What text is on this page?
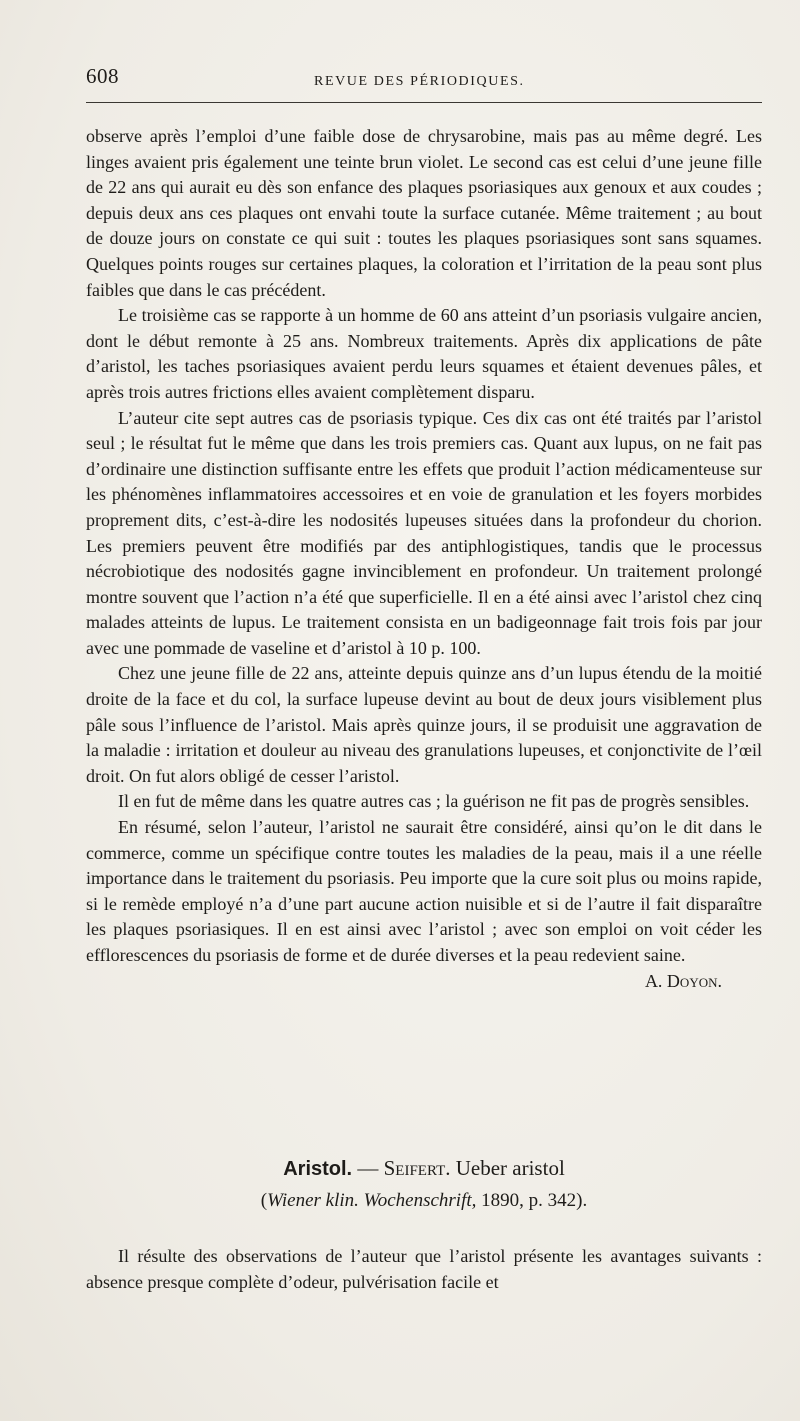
608	REVUE DES PÉRIODIQUES.

observe après l’emploi d’une faible dose de chrysarobine, mais pas au même degré. Les linges avaient pris également une teinte brun violet. Le second cas est celui d’une jeune fille de 22 ans qui aurait eu dès son enfance des plaques psoriasiques aux genoux et aux coudes ; depuis deux ans ces plaques ont envahi toute la surface cutanée. Même traitement ; au bout de douze jours on constate ce qui suit : toutes les plaques psoriasiques sont sans squames. Quelques points rouges sur certaines plaques, la coloration et l’irritation de la peau sont plus faibles que dans le cas précédent.

Le troisième cas se rapporte à un homme de 60 ans atteint d’un psoriasis vulgaire ancien, dont le début remonte à 25 ans. Nombreux traitements. Après dix applications de pâte d’aristol, les taches psoriasiques avaient perdu leurs squames et étaient devenues pâles, et après trois autres frictions elles avaient complètement disparu.

L’auteur cite sept autres cas de psoriasis typique. Ces dix cas ont été traités par l’aristol seul ; le résultat fut le même que dans les trois premiers cas. Quant aux lupus, on ne fait pas d’ordinaire une distinction suffisante entre les effets que produit l’action médicamenteuse sur les phénomènes inflammatoires accessoires et en voie de granulation et les foyers morbides proprement dits, c’est-à-dire les nodosités lupeuses situées dans la profondeur du chorion. Les premiers peuvent être modifiés par des antiphlogistiques, tandis que le processus nécrobiotique des nodosités gagne invinciblement en profondeur. Un traitement prolongé montre souvent que l’action n’a été que superficielle. Il en a été ainsi avec l’aristol chez cinq malades atteints de lupus. Le traitement consista en un badigeonnage fait trois fois par jour avec une pommade de vaseline et d’aristol à 10 p. 100.

Chez une jeune fille de 22 ans, atteinte depuis quinze ans d’un lupus étendu de la moitié droite de la face et du col, la surface lupeuse devint au bout de deux jours visiblement plus pâle sous l’influence de l’aristol. Mais après quinze jours, il se produisit une aggravation de la maladie : irritation et douleur au niveau des granulations lupeuses, et conjonctivite de l’œil droit. On fut alors obligé de cesser l’aristol.

Il en fut de même dans les quatre autres cas ; la guérison ne fit pas de progrès sensibles.

En résumé, selon l’auteur, l’aristol ne saurait être considéré, ainsi qu’on le dit dans le commerce, comme un spécifique contre toutes les maladies de la peau, mais il a une réelle importance dans le traitement du psoriasis. Peu importe que la cure soit plus ou moins rapide, si le remède employé n’a d’une part aucune action nuisible et si de l’autre il fait disparaître les plaques psoriasiques. Il en est ainsi avec l’aristol ; avec son emploi on voit céder les efflorescences du psoriasis de forme et de durée diverses et la peau redevient saine.
A. Doyon.

Aristol. — Seifert. Ueber aristol
(Wiener klin. Wochenschrift, 1890, p. 342).

Il résulte des observations de l’auteur que l’aristol présente les avantages suivants : absence presque complète d’odeur, pulvérisation facile et
